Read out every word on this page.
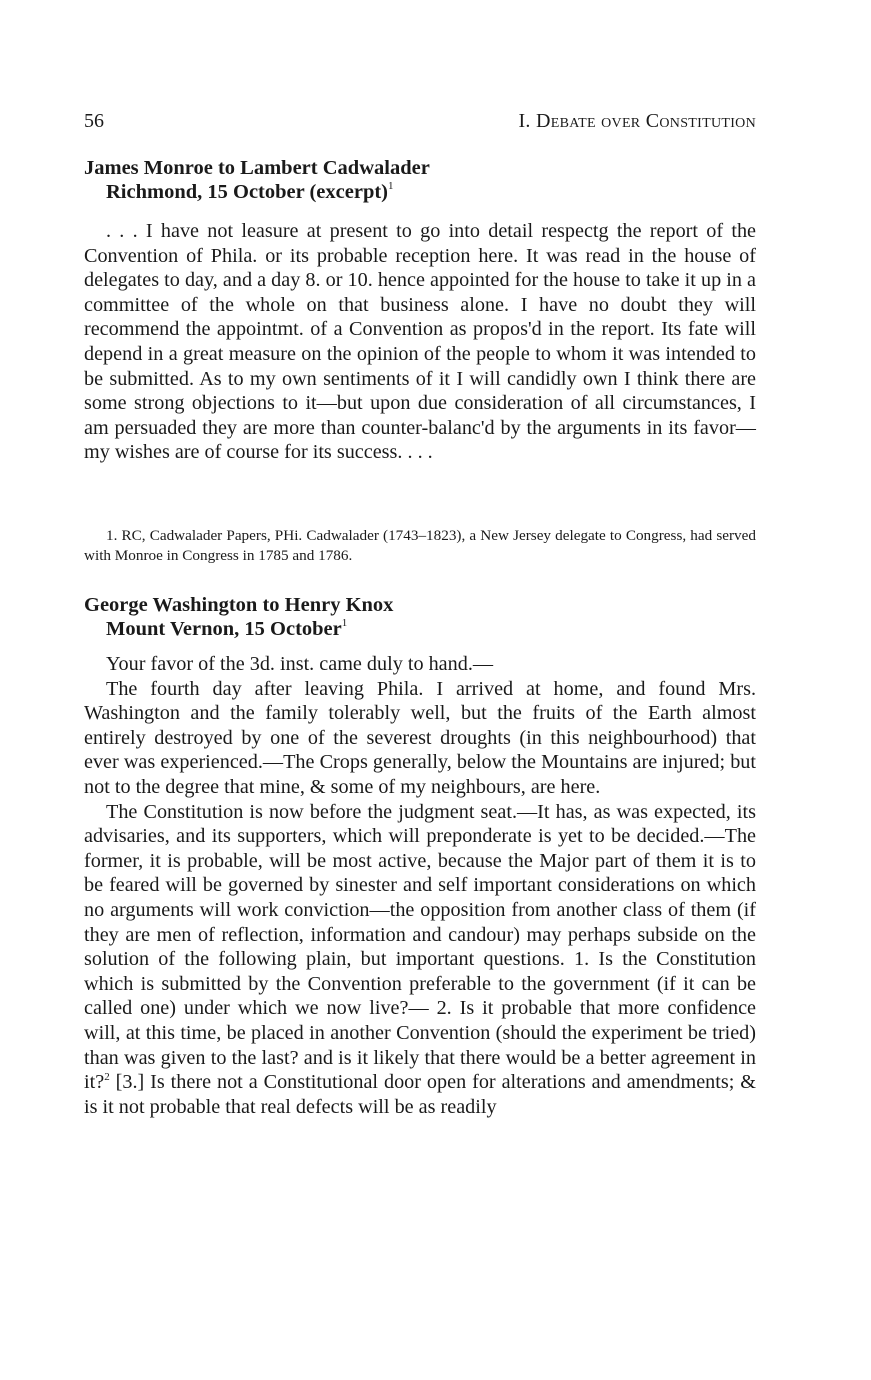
56	I. Debate over Constitution
James Monroe to Lambert Cadwalader
Richmond, 15 October (excerpt)$^1$

. . . I have not leasure at present to go into detail respectg the report of the Convention of Phila. or its probable reception here. It was read in the house of delegates to day, and a day 8. or 10. hence appointed for the house to take it up in a committee of the whole on that business alone. I have no doubt they will recommend the appointmt. of a Convention as propos'd in the report. Its fate will depend in a great measure on the opinion of the people to whom it was intended to be submitted. As to my own sentiments of it I will candidly own I think there are some strong objections to it—but upon due consideration of all circumstances, I am persuaded they are more than counter-balanc'd by the arguments in its favor—my wishes are of course for its success. . . .

1. RC, Cadwalader Papers, PHi. Cadwalader (1743–1823), a New Jersey delegate to Congress, had served with Monroe in Congress in 1785 and 1786.

George Washington to Henry Knox
Mount Vernon, 15 October$^1$

Your favor of the 3d. inst. came duly to hand.—

The fourth day after leaving Phila. I arrived at home, and found Mrs. Washington and the family tolerably well, but the fruits of the Earth almost entirely destroyed by one of the severest droughts (in this neighbourhood) that ever was experienced.—The Crops generally, below the Mountains are injured; but not to the degree that mine, & some of my neighbours, are here.

The Constitution is now before the judgment seat.—It has, as was expected, its advisaries, and its supporters, which will preponderate is yet to be decided.—The former, it is probable, will be most active, because the Major part of them it is to be feared will be governed by sinester and self important considerations on which no arguments will work conviction—the opposition from another class of them (if they are men of reflection, information and candour) may perhaps subside on the solution of the following plain, but important questions. 1. Is the Constitution which is submitted by the Convention preferable to the government (if it can be called one) under which we now live?— 2. Is it probable that more confidence will, at this time, be placed in another Convention (should the experiment be tried) than was given to the last? and is it likely that there would be a better agreement in it?$^2$ [3.] Is there not a Constitutional door open for alterations and amendments; & is it not probable that real defects will be as readily
